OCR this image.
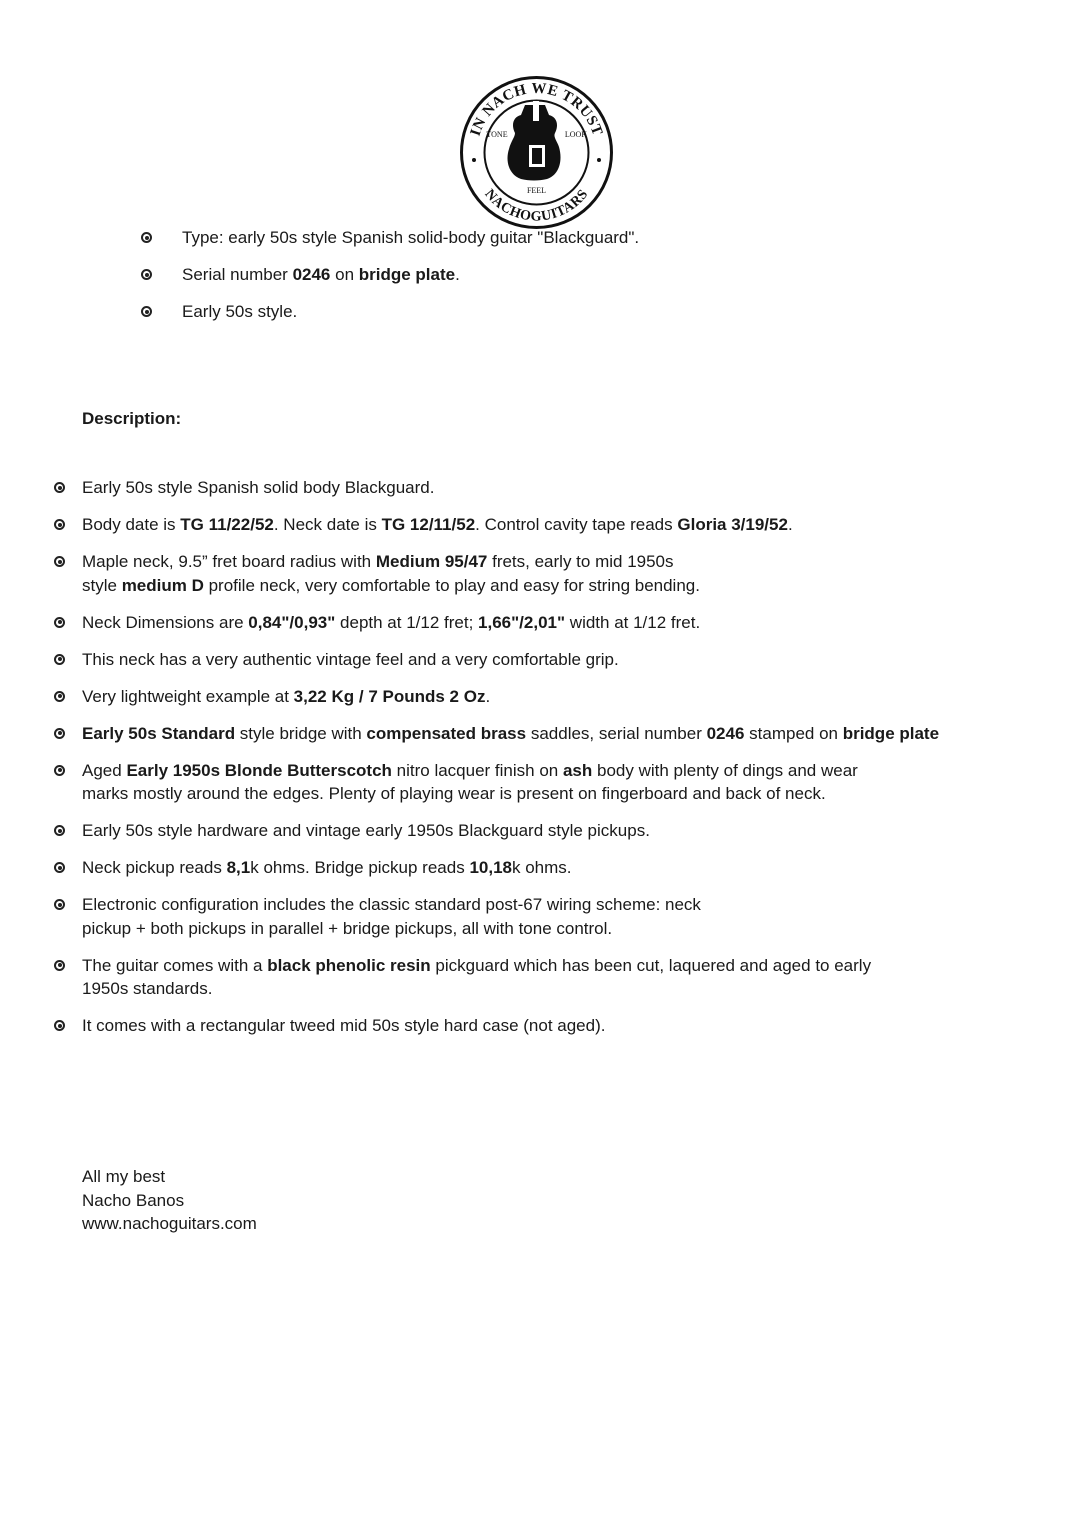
IN NACH WE TRUST
NACHOGUITARS
TONE	LOOK
FEEL
Type: early 50s style Spanish solid-body guitar "Blackguard".
Serial number 0246 on bridge plate.
Early 50s style.
Description:
Early 50s style Spanish solid body Blackguard.
Body date is TG 11/22/52. Neck date is TG 12/11/52. Control cavity tape reads Gloria 3/19/52.
Maple neck, 9.5” fret board radius with Medium 95/47 frets, early to mid 1950s
style medium D profile neck, very comfortable to play and easy for string bending.
Neck Dimensions are 0,84"/0,93" depth at 1/12 fret; 1,66"/2,01" width at 1/12 fret.
This neck has a very authentic vintage feel and a very comfortable grip.
Very lightweight example at 3,22 Kg / 7 Pounds 2 Oz.
Early 50s Standard style bridge with compensated brass saddles, serial number 0246 stamped on bridge plate
Aged Early 1950s Blonde Butterscotch nitro lacquer finish on ash body with plenty of dings and wear
marks mostly around the edges. Plenty of playing wear is present on fingerboard and back of neck.
Early 50s style hardware and vintage early 1950s Blackguard style pickups.
Neck pickup reads 8,1k ohms. Bridge pickup reads 10,18k ohms.
Electronic configuration includes the classic standard post-67 wiring scheme: neck
pickup + both pickups in parallel + bridge pickups, all with tone control.
The guitar comes with a black phenolic resin pickguard which has been cut, laquered and aged to early
1950s standards.
It comes with a rectangular tweed mid 50s style hard case (not aged).
All my best
Nacho Banos
www.nachoguitars.com
